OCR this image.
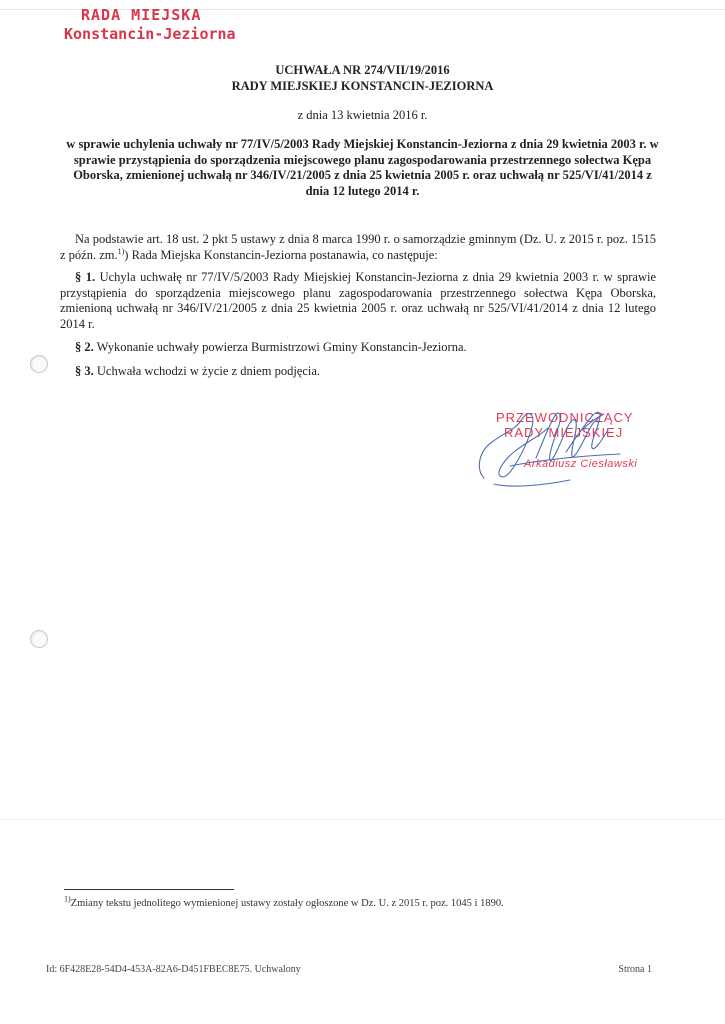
RADA MIEJSKA
Konstancin-Jeziorna
UCHWAŁA NR 274/VII/19/2016
RADY MIEJSKIEJ KONSTANCIN-JEZIORNA
z dnia 13 kwietnia 2016 r.
w sprawie uchylenia uchwały nr 77/IV/5/2003 Rady Miejskiej Konstancin-Jeziorna z dnia 29 kwietnia 2003 r. w sprawie przystąpienia do sporządzenia miejscowego planu zagospodarowania przestrzennego sołectwa Kępa Oborska, zmienionej uchwałą nr 346/IV/21/2005 z dnia 25 kwietnia 2005 r. oraz uchwałą nr 525/VI/41/2014 z dnia 12 lutego 2014 r.

Na podstawie art. 18 ust. 2 pkt 5 ustawy z dnia 8 marca 1990 r. o samorządzie gminnym (Dz. U. z 2015 r. poz. 1515 z późn. zm.$^{1)}$) Rada Miejska Konstancin-Jeziorna postanawia, co następuje:

§ 1. Uchyla uchwałę nr 77/IV/5/2003 Rady Miejskiej Konstancin-Jeziorna z dnia 29 kwietnia 2003 r. w sprawie przystąpienia do sporządzenia miejscowego planu zagospodarowania przestrzennego sołectwa Kępa Oborska, zmienioną uchwałą nr 346/IV/21/2005 z dnia 25 kwietnia 2005 r. oraz uchwałą nr 525/VI/41/2014 z dnia 12 lutego 2014 r.

§ 2. Wykonanie uchwały powierza Burmistrzowi Gminy Konstancin-Jeziorna.

§ 3. Uchwała wchodzi w życie z dniem podjęcia.

PRZEWODNICZĄCY
RADY MIEJSKIEJ
Arkadiusz Ciesławski
$^{1)}$Zmiany tekstu jednolitego wymienionej ustawy zostały ogłoszone w Dz. U. z 2015 r. poz. 1045 i 1890.
Id: 6F428E28-54D4-453A-82A6-D451FBEC8E75. Uchwalony	Strona 1
